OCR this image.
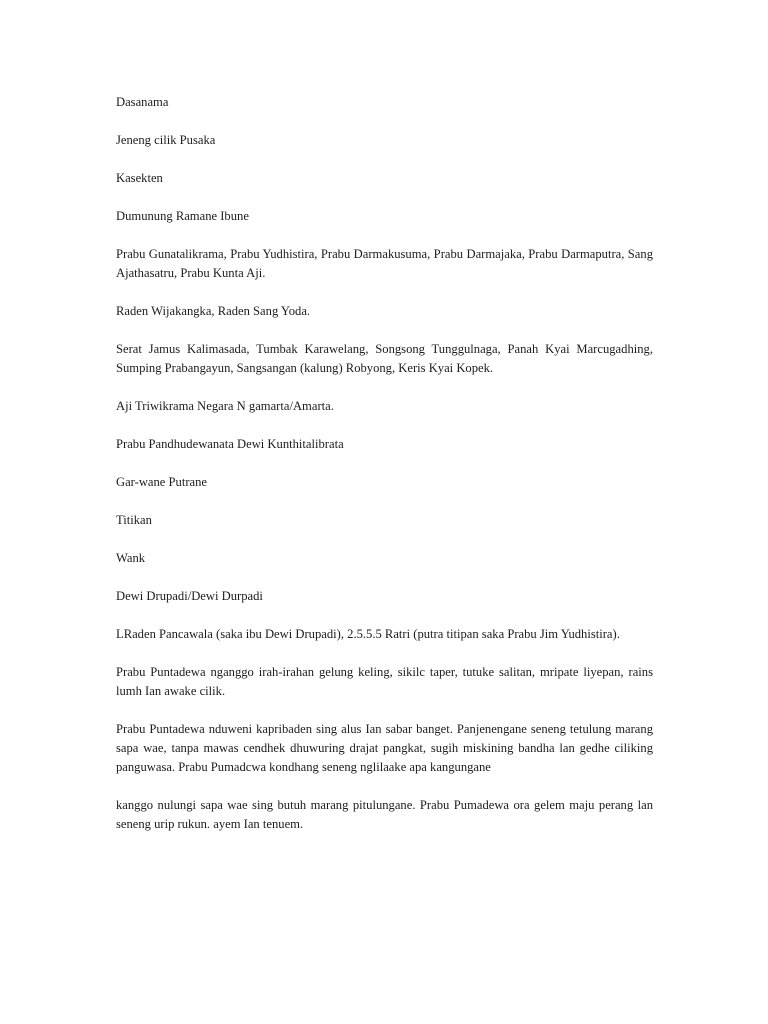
Dasanama

Jeneng cilik Pusaka

Kasekten

Dumunung Ramane Ibune

Prabu Gunatalikrama, Prabu Yudhistira, Prabu Darmakusuma, Prabu Darmajaka, Prabu Darmaputra, Sang Ajathasatru, Prabu Kunta Aji.

Raden Wijakangka, Raden Sang Yoda.

Serat Jamus Kalimasada, Tumbak Karawelang, Songsong Tunggulnaga, Panah Kyai Marcugadhing, Sumping Prabangayun, Sangsangan (kalung) Robyong, Keris Kyai Kopek.

Aji Triwikrama Negara N gamarta/Amarta.

Prabu Pandhudewanata Dewi Kunthitalibrata

Gar-wane Putrane

Titikan

Wank

Dewi Drupadi/Dewi Durpadi

LRaden Pancawala (saka ibu Dewi Drupadi), 2.5.5.5 Ratri (putra titipan saka Prabu Jim Yudhistira).

Prabu Puntadewa nganggo irah-irahan gelung keling, sikilc taper, tutuke salitan, mripate liyepan, rains lumh Ian awake cilik.

Prabu Puntadewa nduweni kapribaden sing alus Ian sabar banget. Panjenengane seneng tetulung marang sapa wae, tanpa mawas cendhek dhuwuring drajat pangkat, sugih miskining bandha lan gedhe ciliking panguwasa. Prabu Pumadcwa kondhang seneng nglilaake apa kangungane

kanggo nulungi sapa wae sing butuh marang pitulungane. Prabu Pumadewa ora gelem maju perang lan seneng urip rukun. ayem Ian tenuem.
